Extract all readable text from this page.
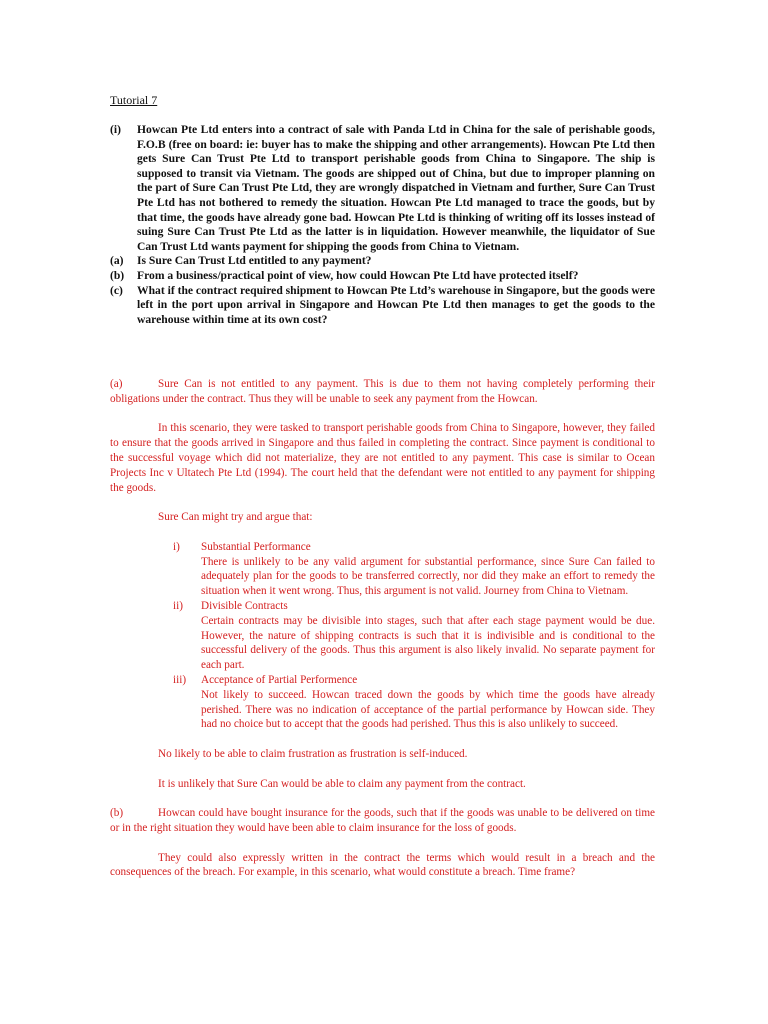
Tutorial 7
(i)	Howcan Pte Ltd enters into a contract of sale with Panda Ltd in China for the sale of perishable goods, F.O.B (free on board: ie: buyer has to make the shipping and other arrangements). Howcan Pte Ltd then gets Sure Can Trust Pte Ltd to transport perishable goods from China to Singapore. The ship is supposed to transit via Vietnam. The goods are shipped out of China, but due to improper planning on the part of Sure Can Trust Pte Ltd, they are wrongly dispatched in Vietnam and further, Sure Can Trust Pte Ltd has not bothered to remedy the situation. Howcan Pte Ltd managed to trace the goods, but by that time, the goods have already gone bad. Howcan Pte Ltd is thinking of writing off its losses instead of suing Sure Can Trust Pte Ltd as the latter is in liquidation. However meanwhile, the liquidator of Sue Can Trust Ltd wants payment for shipping the goods from China to Vietnam.
(a)	Is Sure Can Trust Ltd entitled to any payment?
(b)	From a business/practical point of view, how could Howcan Pte Ltd have protected itself?
(c)	What if the contract required shipment to Howcan Pte Ltd’s warehouse in Singapore, but the goods were left in the port upon arrival in Singapore and Howcan Pte Ltd then manages to get the goods to the warehouse within time at its own cost?

(a)	Sure Can is not entitled to any payment. This is due to them not having completely performing their obligations under the contract. Thus they will be unable to seek any payment from the Howcan.

In this scenario, they were tasked to transport perishable goods from China to Singapore, however, they failed to ensure that the goods arrived in Singapore and thus failed in completing the contract. Since payment is conditional to the successful voyage which did not materialize, they are not entitled to any payment. This case is similar to Ocean Projects Inc v Ultatech Pte Ltd (1994). The court held that the defendant were not entitled to any payment for shipping the goods.

Sure Can might try and argue that:

i)	Substantial Performance
There is unlikely to be any valid argument for substantial performance, since Sure Can failed to adequately plan for the goods to be transferred correctly, nor did they make an effort to remedy the situation when it went wrong. Thus, this argument is not valid. Journey from China to Vietnam.
ii)	Divisible Contracts
Certain contracts may be divisible into stages, such that after each stage payment would be due. However, the nature of shipping contracts is such that it is indivisible and is conditional to the successful delivery of the goods. Thus this argument is also likely invalid. No separate payment for each part.
iii)	Acceptance of Partial Performence
Not likely to succeed. Howcan traced down the goods by which time the goods have already perished. There was no indication of acceptance of the partial performance by Howcan side. They had no choice but to accept that the goods had perished. Thus this is also unlikely to succeed.

No likely to be able to claim frustration as frustration is self-induced.

It is unlikely that Sure Can would be able to claim any payment from the contract.

(b)	Howcan could have bought insurance for the goods, such that if the goods was unable to be delivered on time or in the right situation they would have been able to claim insurance for the loss of goods.

They could also expressly written in the contract the terms which would result in a breach and the consequences of the breach. For example, in this scenario, what would constitute a breach. Time frame?
